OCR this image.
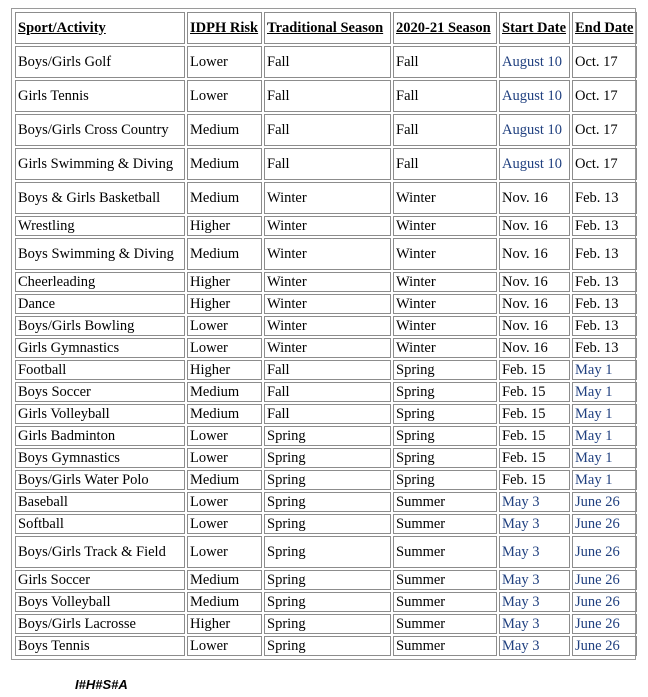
Sport/Activity	IDPH Risk	Traditional Season	2020-21 Season	Start Date	End Date
Boys/Girls Golf	Lower	Fall	Fall	August 10	Oct. 17
Girls Tennis	Lower	Fall	Fall	August 10	Oct. 17
Boys/Girls Cross Country	Medium	Fall	Fall	August 10	Oct. 17
Girls Swimming & Diving	Medium	Fall	Fall	August 10	Oct. 17
Boys & Girls Basketball	Medium	Winter	Winter	Nov. 16	Feb. 13
Wrestling	Higher	Winter	Winter	Nov. 16	Feb. 13
Boys Swimming & Diving	Medium	Winter	Winter	Nov. 16	Feb. 13
Cheerleading	Higher	Winter	Winter	Nov. 16	Feb. 13
Dance	Higher	Winter	Winter	Nov. 16	Feb. 13
Boys/Girls Bowling	Lower	Winter	Winter	Nov. 16	Feb. 13
Girls Gymnastics	Lower	Winter	Winter	Nov. 16	Feb. 13
Football	Higher	Fall	Spring	Feb. 15	May 1
Boys Soccer	Medium	Fall	Spring	Feb. 15	May 1
Girls Volleyball	Medium	Fall	Spring	Feb. 15	May 1
Girls Badminton	Lower	Spring	Spring	Feb. 15	May 1
Boys Gymnastics	Lower	Spring	Spring	Feb. 15	May 1
Boys/Girls Water Polo	Medium	Spring	Spring	Feb. 15	May 1
Baseball	Lower	Spring	Summer	May 3	June 26
Softball	Lower	Spring	Summer	May 3	June 26
Boys/Girls Track & Field	Lower	Spring	Summer	May 3	June 26
Girls Soccer	Medium	Spring	Summer	May 3	June 26
Boys Volleyball	Medium	Spring	Summer	May 3	June 26
Boys/Girls Lacrosse	Higher	Spring	Summer	May 3	June 26
Boys Tennis	Lower	Spring	Summer	May 3	June 26
I#H#S#A
